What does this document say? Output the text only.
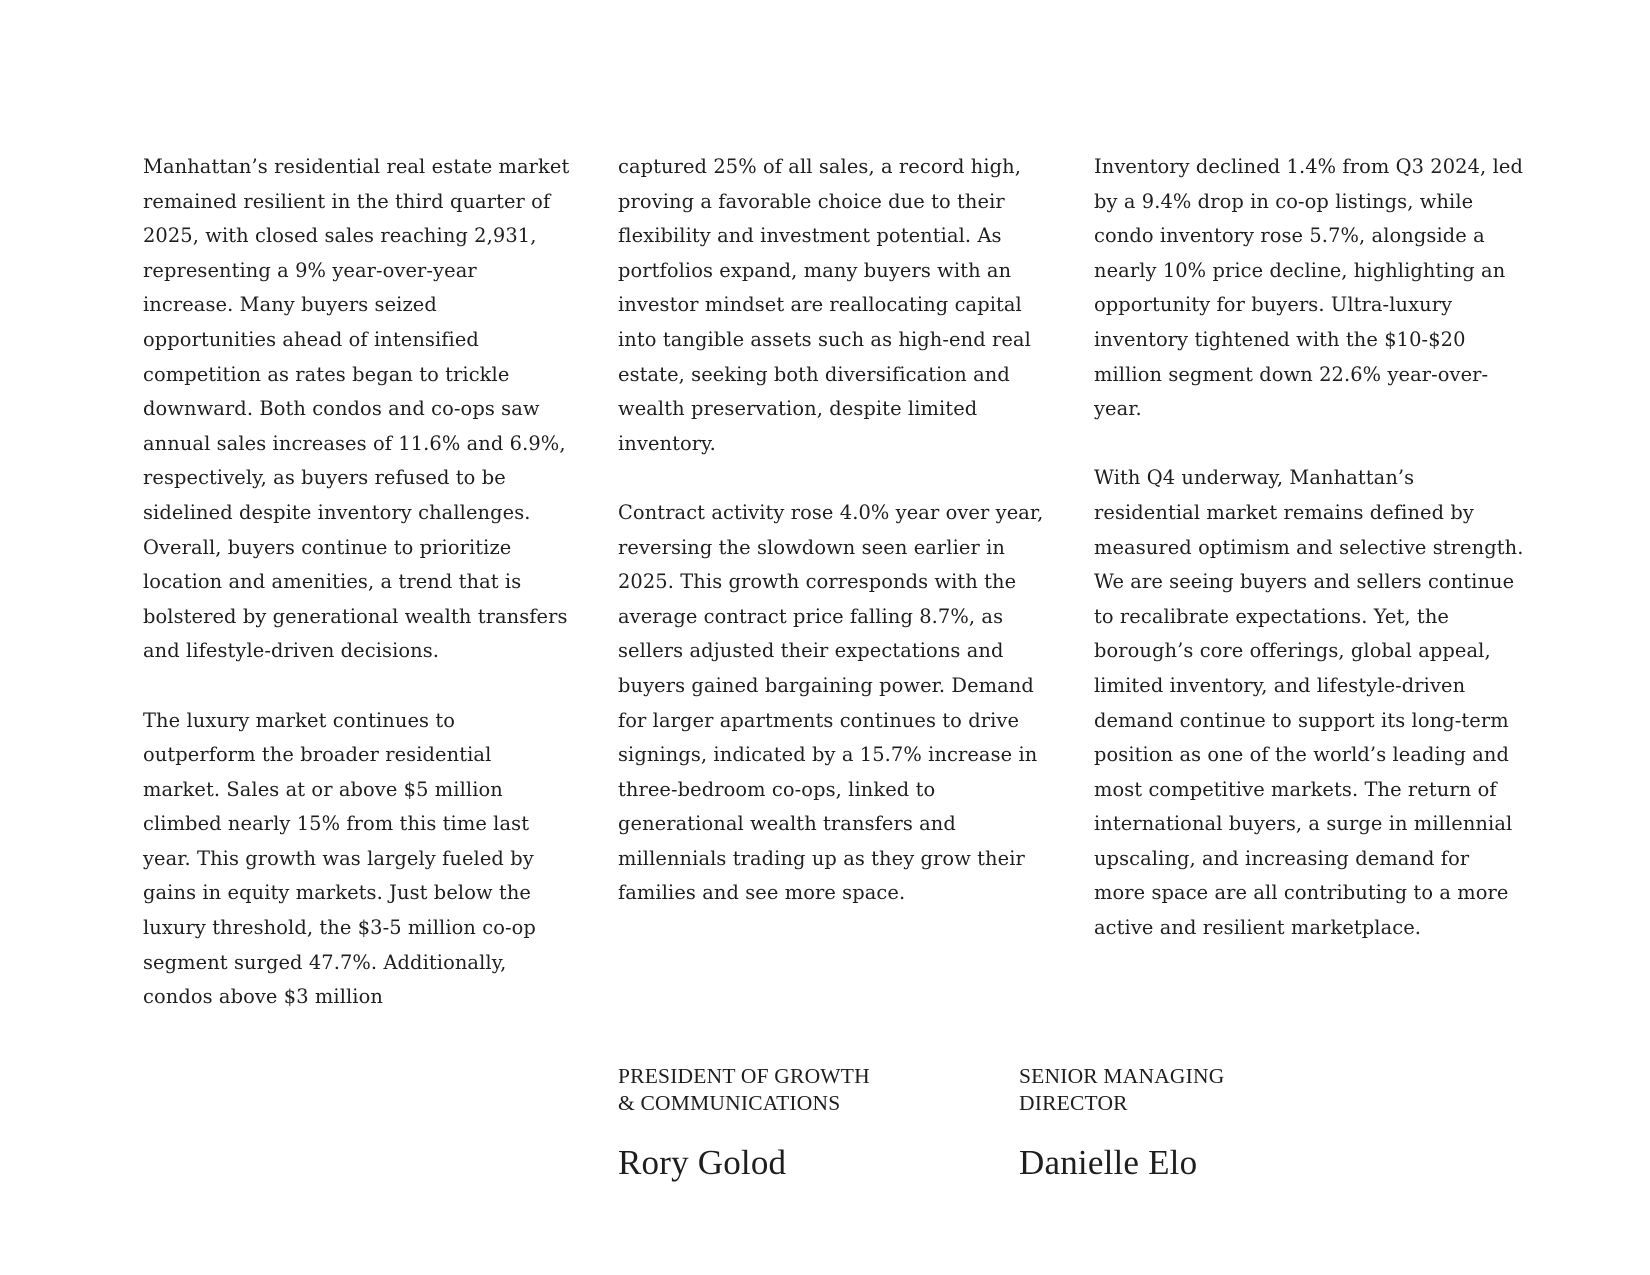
Manhattan’s residential real estate market remained resilient in the third quarter of 2025, with closed sales reaching 2,931, representing a 9% year-over-year increase. Many buyers seized opportunities ahead of intensified competition as rates began to trickle downward. Both condos and co-ops saw annual sales increases of 11.6% and 6.9%, respectively, as buyers refused to be sidelined despite inventory challenges. Overall, buyers continue to prioritize location and amenities, a trend that is bolstered by generational wealth transfers and lifestyle-driven decisions.

The luxury market continues to outperform the broader residential market. Sales at or above $5 million climbed nearly 15% from this time last year. This growth was largely fueled by gains in equity markets. Just below the luxury threshold, the $3-5 million co-op segment surged 47.7%. Additionally, condos above $3 million

captured 25% of all sales, a record high, proving a favorable choice due to their flexibility and investment potential. As portfolios expand, many buyers with an investor mindset are reallocating capital into tangible assets such as high-end real estate, seeking both diversification and wealth preservation, despite limited inventory.

Contract activity rose 4.0% year over year, reversing the slowdown seen earlier in 2025. This growth corresponds with the average contract price falling 8.7%, as sellers adjusted their expectations and buyers gained bargaining power. Demand for larger apartments continues to drive signings, indicated by a 15.7% increase in three-bedroom co-ops, linked to generational wealth transfers and millennials trading up as they grow their families and see more space.

Inventory declined 1.4% from Q3 2024, led by a 9.4% drop in co-op listings, while condo inventory rose 5.7%, alongside a nearly 10% price decline, highlighting an opportunity for buyers. Ultra-luxury inventory tightened with the $10-$20 million segment down 22.6% year-over-year.

With Q4 underway, Manhattan’s residential market remains defined by measured optimism and selective strength. We are seeing buyers and sellers continue to recalibrate expectations. Yet, the borough’s core offerings, global appeal, limited inventory, and lifestyle-driven demand continue to support its long-term position as one of the world’s leading and most competitive markets. The return of international buyers, a surge in millennial upscaling, and increasing demand for more space are all contributing to a more active and resilient marketplace.

PRESIDENT OF GROWTH
& COMMUNICATIONS

Rory Golod

SENIOR MANAGING
DIRECTOR

Danielle Elo
